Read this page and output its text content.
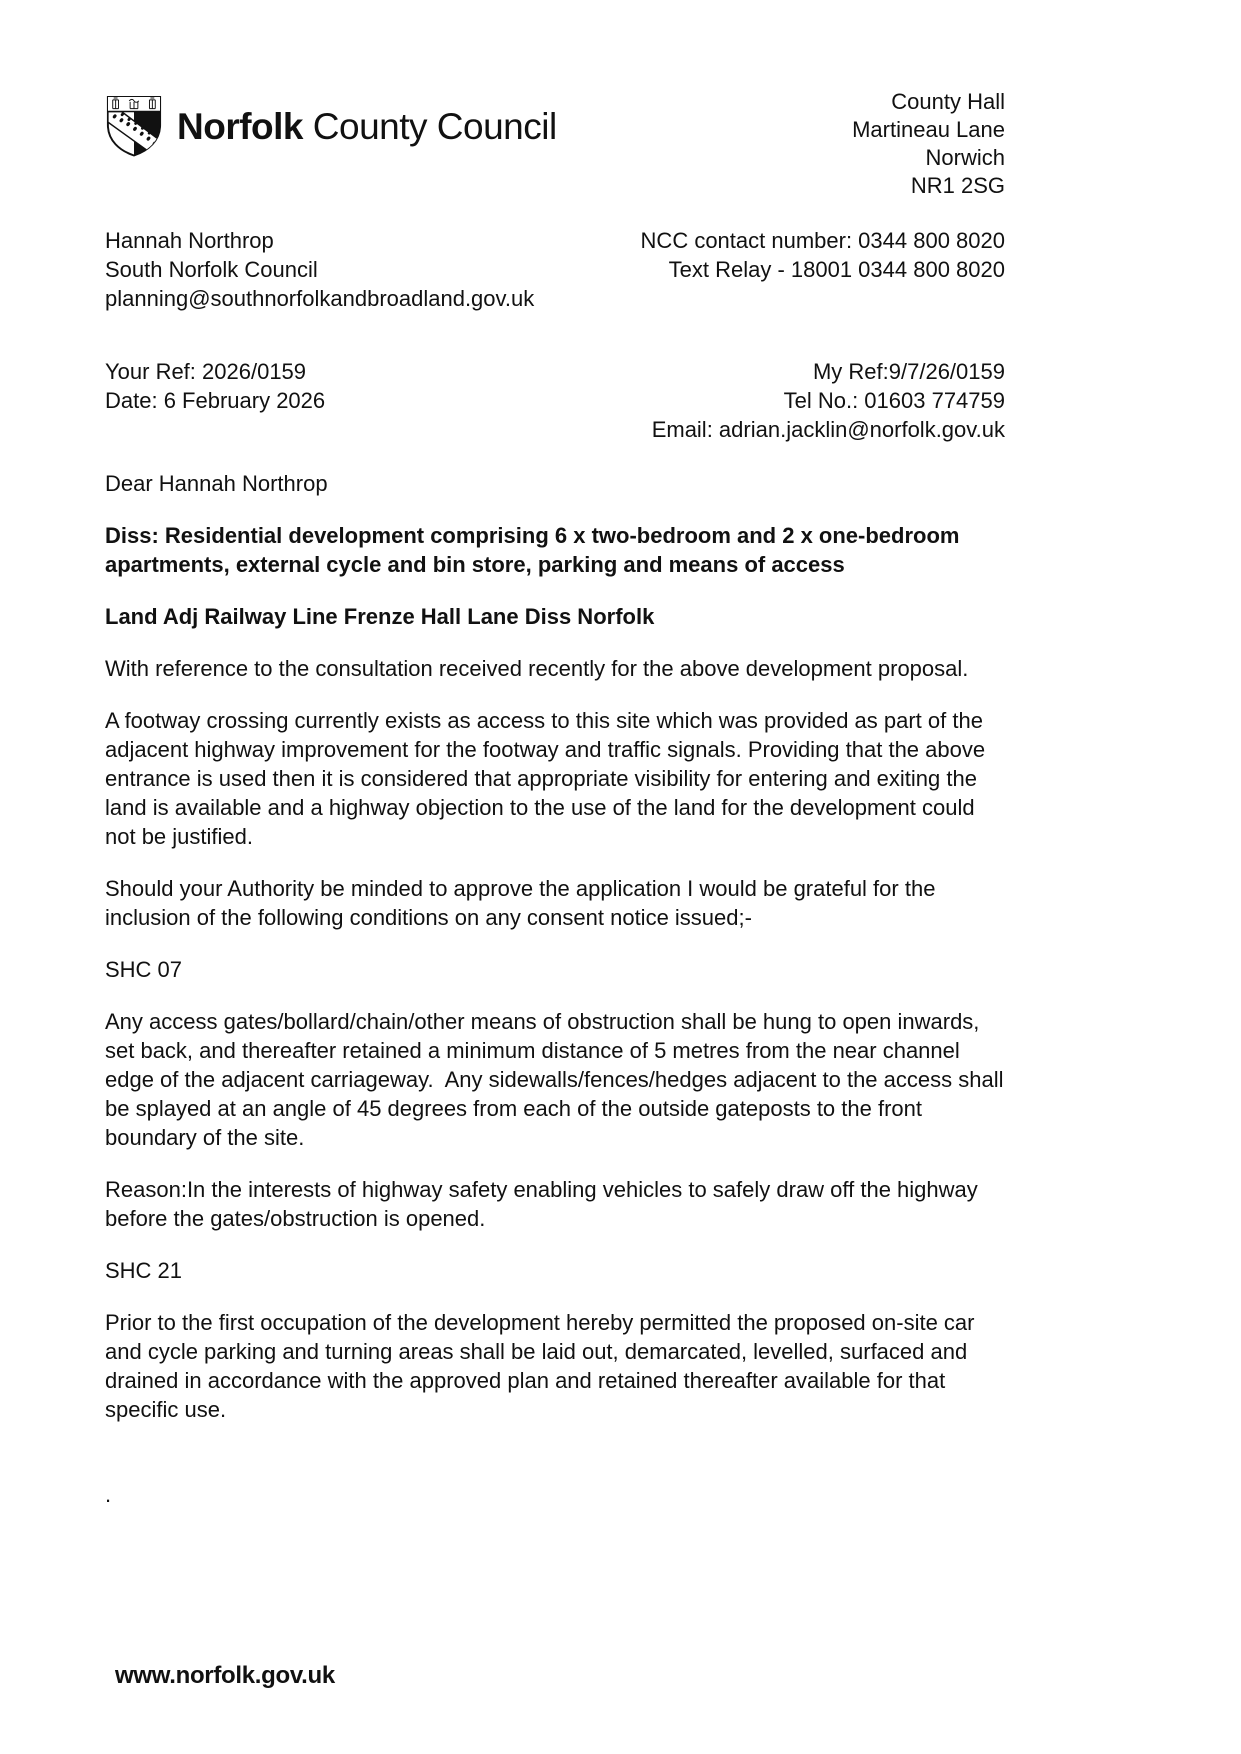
Norfolk County Council
County Hall
Martineau Lane
Norwich
NR1 2SG
Hannah Northrop
South Norfolk Council
planning@southnorfolkandbroadland.gov.uk
NCC contact number: 0344 800 8020
Text Relay - 18001 0344 800 8020
Your Ref: 2026/0159
Date: 6 February 2026
My Ref:9/7/26/0159
Tel No.: 01603 774759
Email: adrian.jacklin@norfolk.gov.uk
Dear Hannah Northrop
Diss: Residential development comprising 6 x two-bedroom and 2 x one-bedroom apartments, external cycle and bin store, parking and means of access
Land Adj Railway Line Frenze Hall Lane Diss Norfolk

With reference to the consultation received recently for the above development proposal.

A footway crossing currently exists as access to this site which was provided as part of the adjacent highway improvement for the footway and traffic signals. Providing that the above entrance is used then it is considered that appropriate visibility for entering and exiting the land is available and a highway objection to the use of the land for the development could not be justified.

Should your Authority be minded to approve the application I would be grateful for the inclusion of the following conditions on any consent notice issued;-

SHC 07

Any access gates/bollard/chain/other means of obstruction shall be hung to open inwards, set back, and thereafter retained a minimum distance of 5 metres from the near channel edge of the adjacent carriageway.  Any sidewalls/fences/hedges adjacent to the access shall be splayed at an angle of 45 degrees from each of the outside gateposts to the front boundary of the site.

Reason:In the interests of highway safety enabling vehicles to safely draw off the highway before the gates/obstruction is opened.

SHC 21

Prior to the first occupation of the development hereby permitted the proposed on-site car and cycle parking and turning areas shall be laid out, demarcated, levelled, surfaced and drained in accordance with the approved plan and retained thereafter available for that specific use.

.

www.norfolk.gov.uk
